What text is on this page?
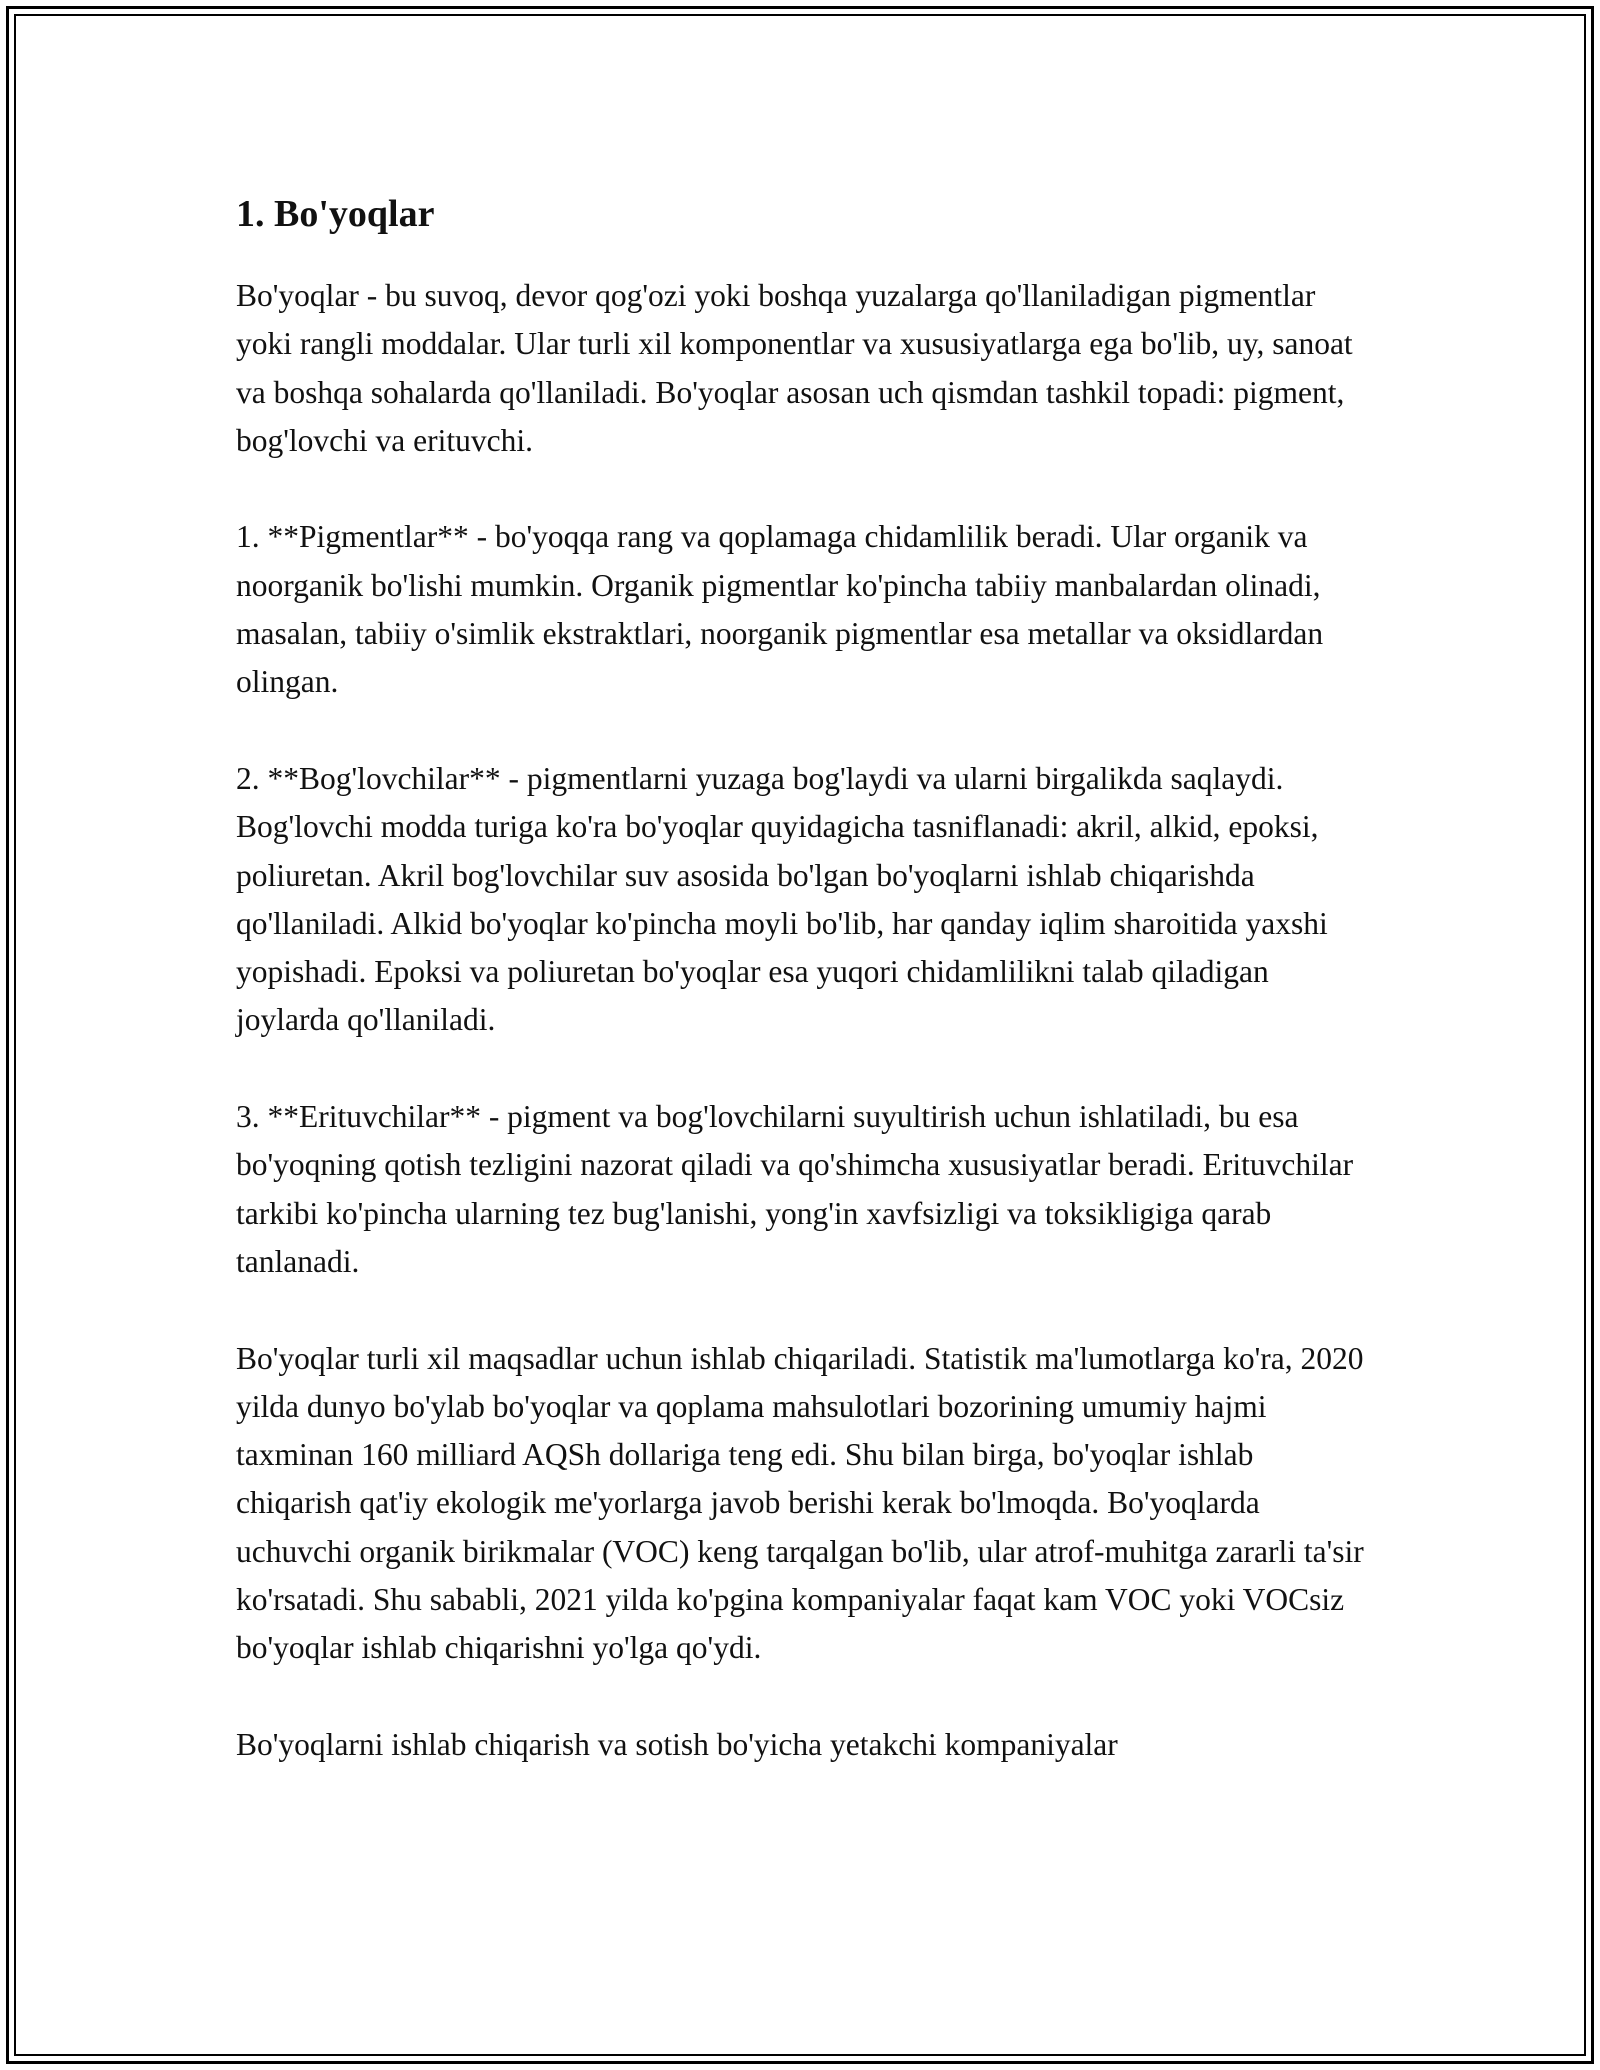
1. Bo'yoqlar

Bo'yoqlar - bu suvoq, devor qog'ozi yoki boshqa yuzalarga qo'llaniladigan pigmentlar yoki rangli moddalar. Ular turli xil komponentlar va xususiyatlarga ega bo'lib, uy, sanoat va boshqa sohalarda qo'llaniladi. Bo'yoqlar asosan uch qismdan tashkil topadi: pigment, bog'lovchi va erituvchi.

1. **Pigmentlar** - bo'yoqqa rang va qoplamaga chidamlilik beradi. Ular organik va noorganik bo'lishi mumkin. Organik pigmentlar ko'pincha tabiiy manbalardan olinadi, masalan, tabiiy o'simlik ekstraktlari, noorganik pigmentlar esa metallar va oksidlardan olingan.

2. **Bog'lovchilar** - pigmentlarni yuzaga bog'laydi va ularni birgalikda saqlaydi. Bog'lovchi modda turiga ko'ra bo'yoqlar quyidagicha tasniflanadi: akril, alkid, epoksi, poliuretan. Akril bog'lovchilar suv asosida bo'lgan bo'yoqlarni ishlab chiqarishda qo'llaniladi. Alkid bo'yoqlar ko'pincha moyli bo'lib, har qanday iqlim sharoitida yaxshi yopishadi. Epoksi va poliuretan bo'yoqlar esa yuqori chidamlilikni talab qiladigan joylarda qo'llaniladi.

3. **Erituvchilar** - pigment va bog'lovchilarni suyultirish uchun ishlatiladi, bu esa bo'yoqning qotish tezligini nazorat qiladi va qo'shimcha xususiyatlar beradi. Erituvchilar tarkibi ko'pincha ularning tez bug'lanishi, yong'in xavfsizligi va toksikligiga qarab tanlanadi.

Bo'yoqlar turli xil maqsadlar uchun ishlab chiqariladi. Statistik ma'lumotlarga ko'ra, 2020 yilda dunyo bo'ylab bo'yoqlar va qoplama mahsulotlari bozorining umumiy hajmi taxminan 160 milliard AQSh dollariga teng edi. Shu bilan birga, bo'yoqlar ishlab chiqarish qat'iy ekologik me'yorlarga javob berishi kerak bo'lmoqda. Bo'yoqlarda uchuvchi organik birikmalar (VOC) keng tarqalgan bo'lib, ular atrof-muhitga zararli ta'sir ko'rsatadi. Shu sababli, 2021 yilda ko'pgina kompaniyalar faqat kam VOC yoki VOCsiz bo'yoqlar ishlab chiqarishni yo'lga qo'ydi.

Bo'yoqlarni ishlab chiqarish va sotish bo'yicha yetakchi kompaniyalar
